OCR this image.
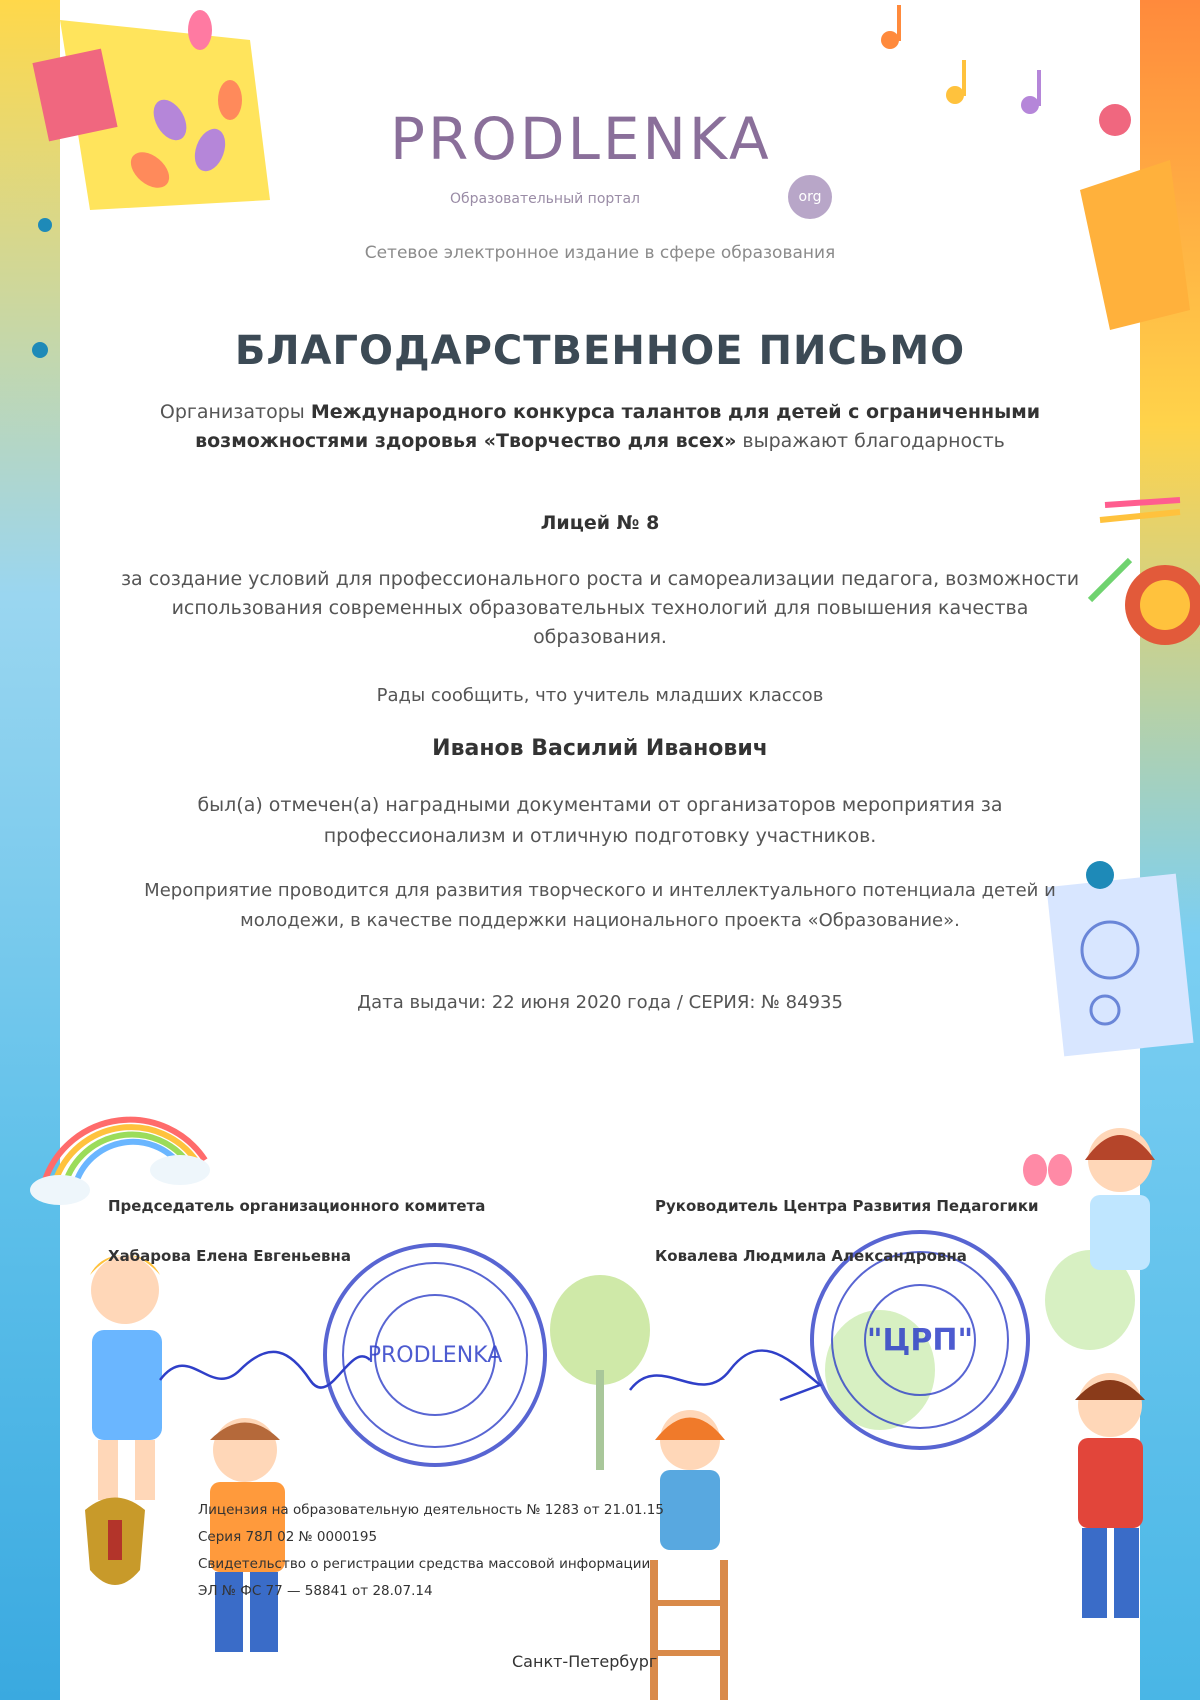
PRODLENKA	"ЦРП"
PRODLENKA
org
Образовательный портал
Сетевое электронное издание в сфере образования
БЛАГОДАРСТВЕННОЕ ПИСЬМО
Организаторы Международного конкурса талантов для детей с ограниченными возможностями здоровья «Творчество для всех» выражают благодарность
Лицей № 8
за создание условий для профессионального роста и самореализации педагога, возможности использования современных образовательных технологий для повышения качества образования.
Рады сообщить, что учитель младших классов
Иванов Василий Иванович
был(а) отмечен(а) наградными документами от организаторов мероприятия за профессионализм и отличную подготовку участников.
Мероприятие проводится для развития творческого и интеллектуального потенциала детей и молодежи, в качестве поддержки национального проекта «Образование».
Дата выдачи: 22 июня 2020 года / СЕРИЯ: № 84935
Председатель организационного комитета
Хабарова Елена Евгеньевна
Руководитель Центра Развития Педагогики
Ковалева Людмила Александровна
Лицензия на образовательную деятельность № 1283 от 21.01.15
Серия 78Л 02 № 0000195
Свидетельство о регистрации средства массовой информации
ЭЛ № ФС 77 — 58841 от 28.07.14
Санкт-Петербург
